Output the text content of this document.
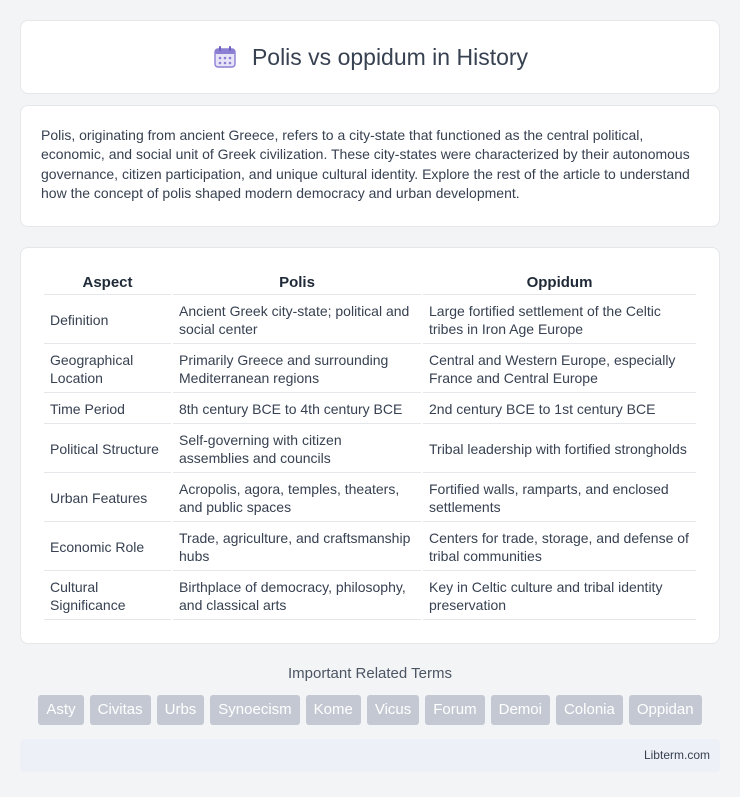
Polis vs oppidum in History

Polis, originating from ancient Greece, refers to a city-state that functioned as the central political, economic, and social unit of Greek civilization. These city-states were characterized by their autonomous governance, citizen participation, and unique cultural identity. Explore the rest of the article to understand how the concept of polis shaped modern democracy and urban development.

Aspect	Polis	Oppidum
Definition	Ancient Greek city-state; political and social center	Large fortified settlement of the Celtic tribes in Iron Age Europe
Geographical Location	Primarily Greece and surrounding Mediterranean regions	Central and Western Europe, especially France and Central Europe
Time Period	8th century BCE to 4th century BCE	2nd century BCE to 1st century BCE
Political Structure	Self-governing with citizen assemblies and councils	Tribal leadership with fortified strongholds
Urban Features	Acropolis, agora, temples, theaters, and public spaces	Fortified walls, ramparts, and enclosed settlements
Economic Role	Trade, agriculture, and craftsmanship hubs	Centers for trade, storage, and defense of tribal communities
Cultural Significance	Birthplace of democracy, philosophy, and classical arts	Key in Celtic culture and tribal identity preservation
Important Related Terms
Asty	Civitas	Urbs	Synoecism	Kome	Vicus	Forum	Demoi	Colonia	Oppidan
Libterm.com
